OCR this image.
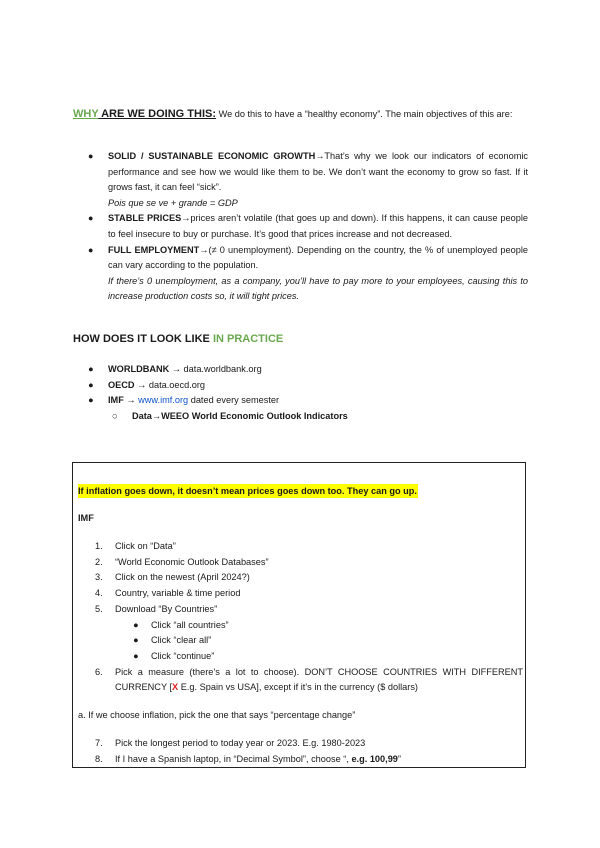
WHY ARE WE DOING THIS: We do this to have a “healthy economy”. The main objectives of this are:
● SOLID / SUSTAINABLE ECONOMIC GROWTH→That’s why we look our indicators of economic performance and see how we would like them to be. We don’t want the economy to grow so fast. If it grows fast, it can feel “sick”.
Pois que se ve + grande = GDP
● STABLE PRICES→prices aren’t volatile (that goes up and down). If this happens, it can cause people to feel insecure to buy or purchase. It’s good that prices increase and not decreased.
● FULL EMPLOYMENT→(≠ 0 unemployment). Depending on the country, the % of unemployed people can vary according to the population.
If there’s 0 unemployment, as a company, you’ll have to pay more to your employees, causing this to increase production costs so, it will tight prices.
HOW DOES IT LOOK LIKE IN PRACTICE
● WORLDBANK → data.worldbank.org
● OECD → data.oecd.org
● IMF → www.imf.org dated every semester
○ Data→WEEO World Economic Outlook Indicators
If inflation goes down, it doesn’t mean prices goes down too. They can go up.
IMF
1. Click on “Data”
2. “World Economic Outlook Databases”
3. Click on the newest (April 2024?)
4. Country, variable & time period
5. Download “By Countries”
● Click “all countries”
● Click “clear all”
● Click “continue”
6. Pick a measure (there’s a lot to choose). DON’T CHOOSE COUNTRIES WITH DIFFERENT CURRENCY [X E.g. Spain vs USA], except if it’s in the currency ($ dollars)
a. If we choose inflation, pick the one that says “percentage change”
7. Pick the longest period to today year or 2023. E.g. 1980-2023
8. If I have a Spanish laptop, in “Decimal Symbol”, choose “, e.g. 100,99”
